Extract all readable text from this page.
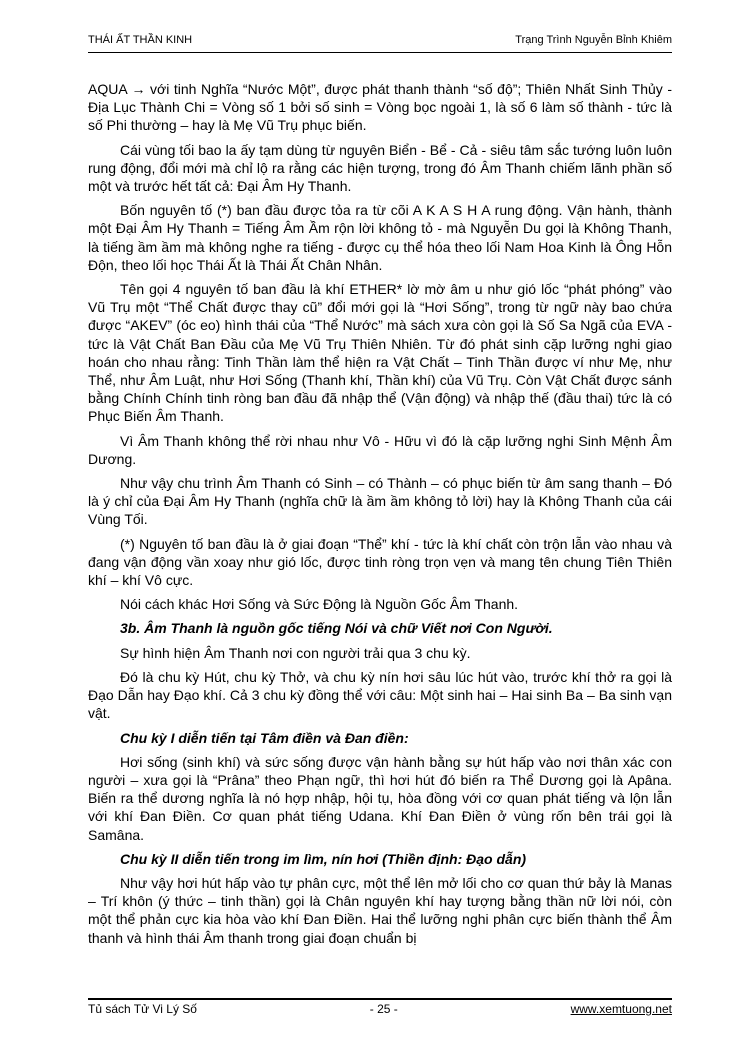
THÁI ẤT THẦN KINH	Trạng Trình Nguyễn Bỉnh Khiêm

AQUA → với tinh Nghĩa “Nước Một”, được phát thanh thành “số độ”; Thiên Nhất Sinh Thủy - Địa Lục Thành Chi = Vòng số 1 bởi số sinh = Vòng bọc ngoài 1, là số 6 làm số thành - tức là số Phi thường – hay là Mẹ Vũ Trụ phục biến.

Cái vùng tối bao la ấy tạm dùng từ nguyên Biển - Bể - Cả - siêu tâm sắc tướng luôn luôn rung động, đổi mới mà chỉ lộ ra rằng các hiện tượng, trong đó Âm Thanh chiếm lãnh phần số một và trước hết tất cả: Đại Âm Hy Thanh.

Bốn nguyên tố (*) ban đầu được tỏa ra từ cõi A K A S H A rung động. Vận hành, thành một Đại Âm Hy Thanh = Tiếng Âm Ầm rộn lời không tỏ - mà Nguyễn Du gọi là Không Thanh, là tiếng ầm ầm mà không nghe ra tiếng - được cụ thể hóa theo lối Nam Hoa Kinh là Ông Hỗn Độn, theo lối học Thái Ất là Thái Ất Chân Nhân.

Tên gọi 4 nguyên tố ban đầu là khí ETHER* lờ mờ âm u như gió lốc “phát phóng” vào Vũ Trụ một “Thể Chất được thay cũ” đổi mới gọi là “Hơi Sống”, trong từ ngữ này bao chứa được “AKEV” (óc eo) hình thái của “Thể Nước” mà sách xưa còn gọi là Số Sa Ngã của EVA - tức là Vật Chất Ban Đầu của Mẹ Vũ Trụ Thiên Nhiên. Từ đó phát sinh cặp lưỡng nghi giao hoán cho nhau rằng: Tinh Thần làm thể hiện ra Vật Chất – Tinh Thần được ví như Mẹ, như Thể, như Âm Luật, như Hơi Sống (Thanh khí, Thần khí) của Vũ Trụ. Còn Vật Chất được sánh bằng Chính Chính tinh ròng ban đầu đã nhập thể (Vận động) và nhập thế (đầu thai) tức là có Phục Biến Âm Thanh.

Vì Âm Thanh không thể rời nhau như Vô - Hữu vì đó là cặp lưỡng nghi Sinh Mệnh Âm Dương.

Như vậy chu trình Âm Thanh có Sinh – có Thành – có phục biến từ âm sang thanh – Đó là ý chỉ của Đại Âm Hy Thanh (nghĩa chữ là ầm ầm không tỏ lời) hay là Không Thanh của cái Vùng Tối.

(*) Nguyên tố ban đầu là ở giai đoạn “Thể” khí - tức là khí chất còn trộn lẫn vào nhau và đang vận động vần xoay như gió lốc, được tinh ròng trọn vẹn và mang tên chung Tiên Thiên khí – khí Vô cực.

Nói cách khác Hơi Sống và Sức Động là Nguồn Gốc Âm Thanh.

3b. Âm Thanh là nguồn gốc tiếng Nói và chữ Viết nơi Con Người.

Sự hình hiện Âm Thanh nơi con người trải qua 3 chu kỳ.

Đó là chu kỳ Hút, chu kỳ Thở, và chu kỳ nín hơi sâu lúc hút vào, trước khí thở ra gọi là Đạo Dẫn hay Đạo khí. Cả 3 chu kỳ đồng thể với câu: Một sinh hai – Hai sinh Ba – Ba sinh vạn vật.

Chu kỳ I diễn tiến tại Tâm điền và Đan điền:

Hơi sống (sinh khí) và sức sống được vận hành bằng sự hút hấp vào nơi thân xác con người – xưa gọi là “Prâna” theo Phạn ngữ, thì hơi hút đó biến ra Thể Dương gọi là Apâna. Biến ra thể dương nghĩa là nó hợp nhập, hội tụ, hòa đồng với cơ quan phát tiếng và lộn lẫn với khí Đan Điền. Cơ quan phát tiếng Udana. Khí Đan Điền ở vùng rốn bên trái gọi là Samâna.

Chu kỳ II diễn tiến trong im lìm, nín hơi (Thiền định: Đạo dẫn)

Như vậy hơi hút hấp vào tự phân cực, một thể lên mở lối cho cơ quan thứ bảy là Manas – Trí khôn (ý thức – tinh thần) gọi là Chân nguyên khí hay tượng bằng thần nữ lời nói, còn một thể phản cực kia hòa vào khí Đan Điền. Hai thể lưỡng nghi phân cực biến thành thể Âm thanh và hình thái Âm thanh trong giai đoạn chuẩn bị

Tủ sách Tử Vi Lý Số	- 25 -	www.xemtuong.net
